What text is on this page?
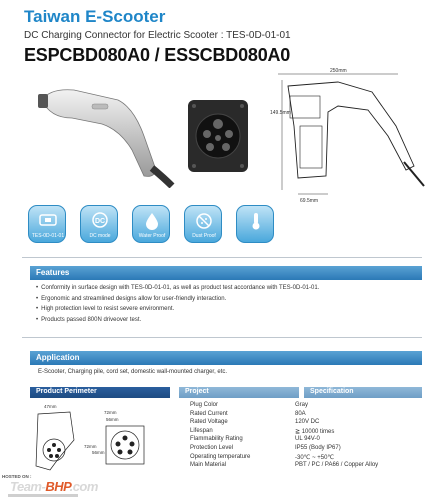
Taiwan E-Scooter
DC Charging Connector for Electric Scooter : TES-0D-01-01
ESPCBD080A0 / ESSCBD080A0
250mm
149.5mm
69.5mm
TES-0D-01-01
DC
DC mode	Water Proof	Dust Proof
Wide Range Temp
Features
• Conformity in surface design with TES-0D-01-01, as well as product test accordance with TES-0D-01-01.
• Ergonomic and streamlined designs allow for user-friendly interaction.
• High protection level to resist severe environment.
• Products passed 800N driveover test.
Application
E-Scooter, Charging pile, cord set, domestic wall-mounted charger, etc.
Product Perimeter	Project	Specification
47mm
72mm
56mm
72mm
56mm
Plug Color	Gray
Rated Current	80A
Rated Voltage	120V DC
Lifespan	≧ 10000 times
Flammability Rating	UL 94V-0
Protection Level	IP55 (Body IP67)
Operating temperature	-30℃ ~ +50℃
Main Material	PBT / PC / PA66 / Copper Alloy
HOSTED ON :
Team-BHP.com
